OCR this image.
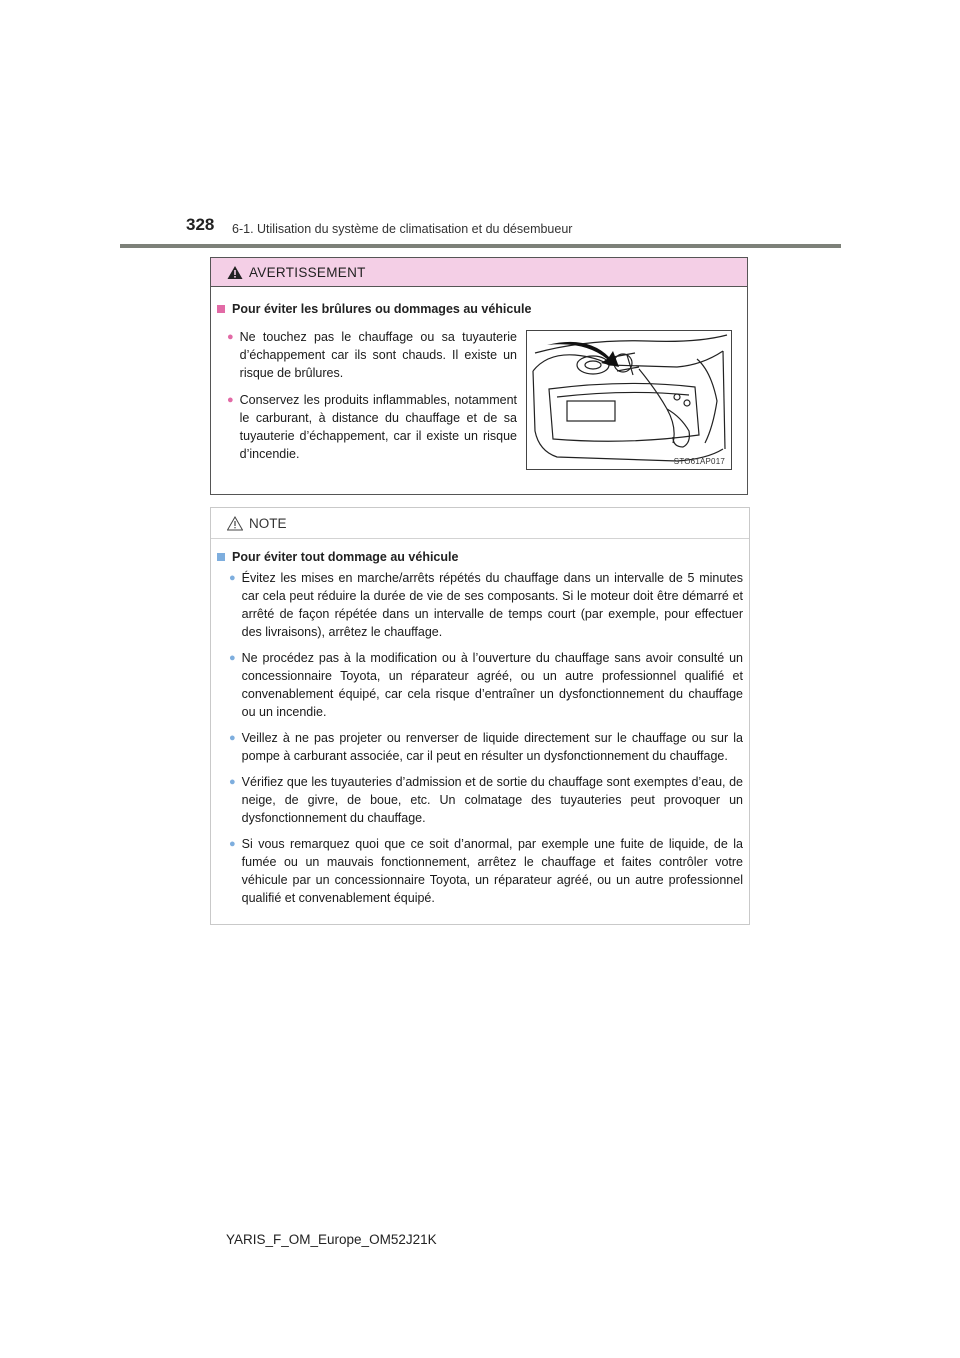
328 6-1. Utilisation du système de climatisation et du désembueur
AVERTISSEMENT
Pour éviter les brûlures ou dommages au véhicule
● Ne touchez pas le chauffage ou sa tuyauterie d’échappement car ils sont chauds. Il existe un risque de brûlures.
● Conservez les produits inflammables, notamment le carburant, à distance du chauffage et de sa tuyauterie d’échappement, car il existe un risque d’incendie.
STO61AP017
NOTE
Pour éviter tout dommage au véhicule
● Évitez les mises en marche/arrêts répétés du chauffage dans un intervalle de 5 minutes car cela peut réduire la durée de vie de ses composants. Si le moteur doit être démarré et arrêté de façon répétée dans un intervalle de temps court (par exemple, pour effectuer des livraisons), arrêtez le chauffage.
● Ne procédez pas à la modification ou à l’ouverture du chauffage sans avoir consulté un concessionnaire Toyota, un réparateur agréé, ou un autre professionnel qualifié et convenablement équipé, car cela risque d’entraîner un dysfonctionnement du chauffage ou un incendie.
● Veillez à ne pas projeter ou renverser de liquide directement sur le chauffage ou sur la pompe à carburant associée, car il peut en résulter un dysfonctionnement du chauffage.
● Vérifiez que les tuyauteries d’admission et de sortie du chauffage sont exemptes d’eau, de neige, de givre, de boue, etc. Un colmatage des tuyauteries peut provoquer un dysfonctionnement du chauffage.
● Si vous remarquez quoi que ce soit d’anormal, par exemple une fuite de liquide, de la fumée ou un mauvais fonctionnement, arrêtez le chauffage et faites contrôler votre véhicule par un concessionnaire Toyota, un réparateur agréé, ou un autre professionnel qualifié et convenablement équipé.
YARIS_F_OM_Europe_OM52J21K
